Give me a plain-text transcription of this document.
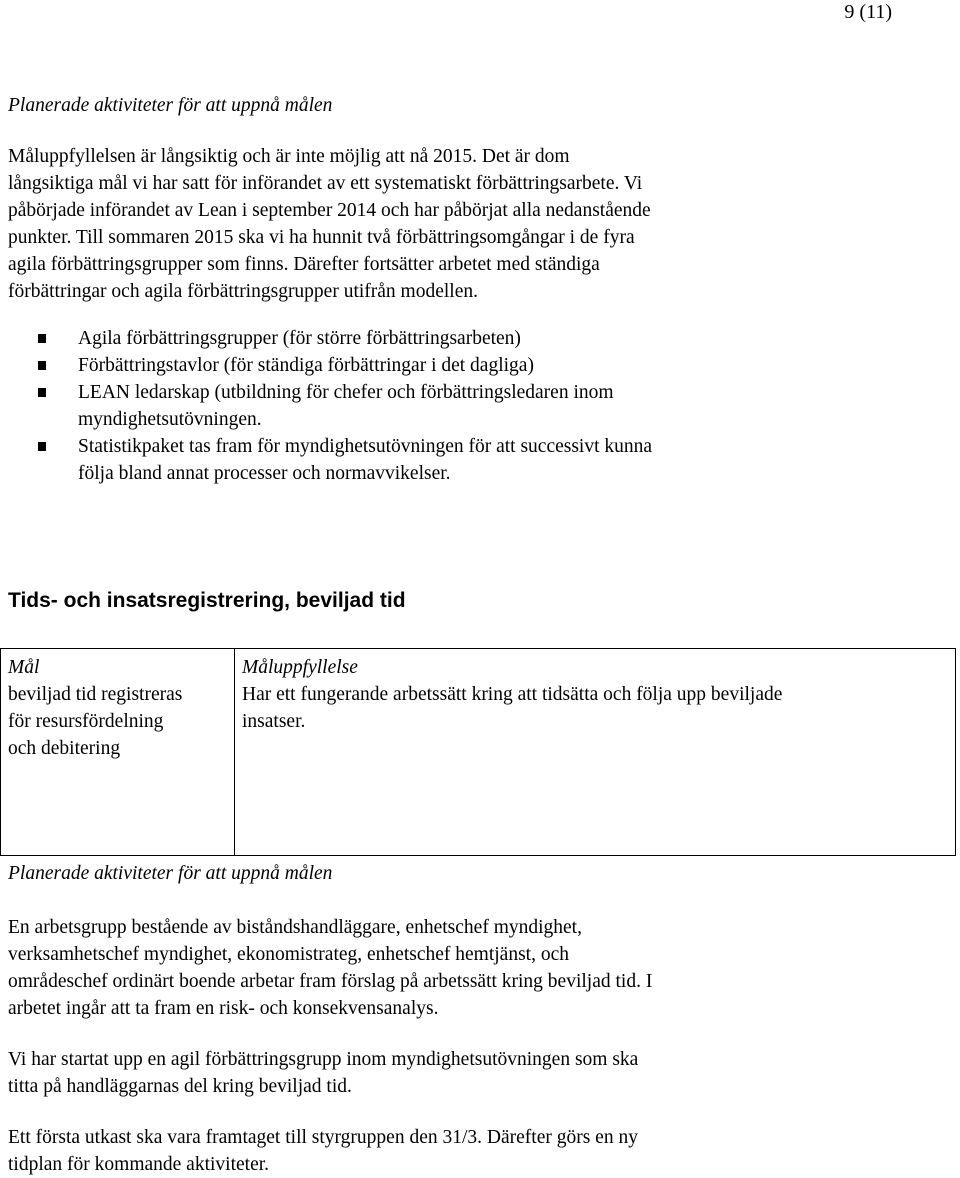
9 (11)
Planerade aktiviteter för att uppnå målen
Måluppfyllelsen är långsiktig och är inte möjlig att nå 2015. Det är dom
långsiktiga mål vi har satt för införandet av ett systematiskt förbättringsarbete. Vi
påbörjade införandet av Lean i september 2014 och har påbörjat alla nedanstående
punkter. Till sommaren 2015 ska vi ha hunnit två förbättringsomgångar i de fyra
agila förbättringsgrupper som finns. Därefter fortsätter arbetet med ständiga
förbättringar och agila förbättringsgrupper utifrån modellen.
Agila förbättringsgrupper (för större förbättringsarbeten)
Förbättringstavlor (för ständiga förbättringar i det dagliga)
LEAN ledarskap (utbildning för chefer och förbättringsledaren inom
myndighetsutövningen.
Statistikpaket tas fram för myndighetsutövningen för att successivt kunna
följa bland annat processer och normavvikelser.
Tids- och insatsregistrering, beviljad tid
Mål
beviljad tid registreras
för resursfördelning
och debitering
Måluppfyllelse
Har ett fungerande arbetssätt kring att tidsätta och följa upp beviljade
insatser.
Planerade aktiviteter för att uppnå målen
En arbetsgrupp bestående av biståndshandläggare, enhetschef myndighet,
verksamhetschef myndighet, ekonomistrateg, enhetschef hemtjänst, och
områdeschef ordinärt boende arbetar fram förslag på arbetssätt kring beviljad tid. I
arbetet ingår att ta fram en risk- och konsekvensanalys.
Vi har startat upp en agil förbättringsgrupp inom myndighetsutövningen som ska
titta på handläggarnas del kring beviljad tid.
Ett första utkast ska vara framtaget till styrgruppen den 31/3. Därefter görs en ny
tidplan för kommande aktiviteter.
